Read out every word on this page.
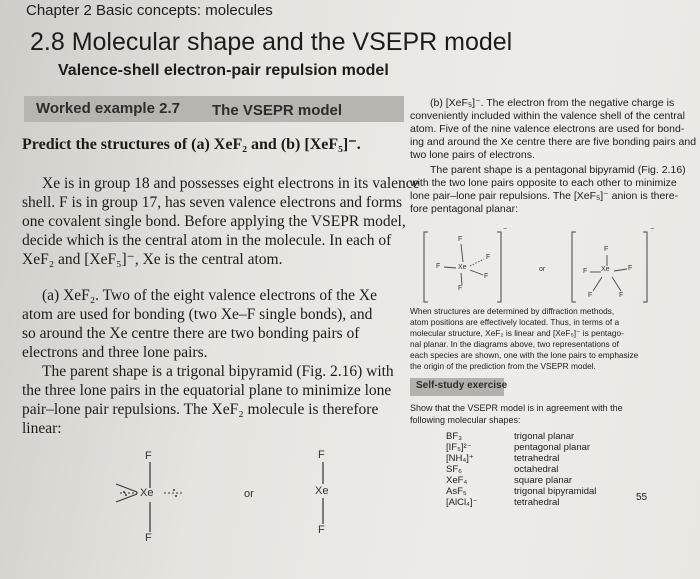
Chapter 2 Basic concepts: molecules

2.8 Molecular shape and the VSEPR model

Valence-shell electron-pair repulsion model

Worked example 2.7 The VSEPR model

Predict the structures of (a) XeF₂ and (b) [XeF₅]⁻.

Xe is in group 18 and possesses eight electrons in its valence

shell. F is in group 17, has seven valence electrons and forms

one covalent single bond. Before applying the VSEPR model,

decide which is the central atom in the molecule. In each of

XeF₂ and [XeF₅]⁻, Xe is the central atom.

(a) XeF₂. Two of the eight valence electrons of the Xe

atom are used for bonding (two Xe–F single bonds), and

so around the Xe centre there are two bonding pairs of

electrons and three lone pairs.

The parent shape is a trigonal bipyramid (Fig. 2.16) with

the three lone pairs in the equatorial plane to minimize lone

pair–lone pair repulsions. The XeF₂ molecule is therefore

linear:

F

Xe

F

or

F

Xe

F

F

F	Xe

F

F

F

−

or

F

F Xe	F

F	F

−

(b) [XeF₅]⁻. The electron from the negative charge is

conveniently included within the valence shell of the central

atom. Five of the nine valence electrons are used for bond-

ing and around the Xe centre there are five bonding pairs and

two lone pairs of electrons.

The parent shape is a pentagonal bipyramid (Fig. 2.16)

with the two lone pairs opposite to each other to minimize

lone pair–lone pair repulsions. The [XeF₅]⁻ anion is there-

fore pentagonal planar:

When structures are determined by diffraction methods,

atom positions are effectively located. Thus, in terms of a

molecular structure, XeF₂ is linear and [XeF₅]⁻ is pentago-

nal planar. In the diagrams above, two representations of

each species are shown, one with the lone pairs to emphasize

the origin of the prediction from the VSEPR model.

Self-study exercise

Show that the VSEPR model is in agreement with the

following molecular shapes:

BF₃	trigonal planar

[IF₅]²⁻	pentagonal planar

[NH₄]⁺	tetrahedral

SF₆	octahedral

XeF₄	square planar

AsF₅	trigonal bipyramidal

[AlCl₄]⁻	tetrahedral	55
